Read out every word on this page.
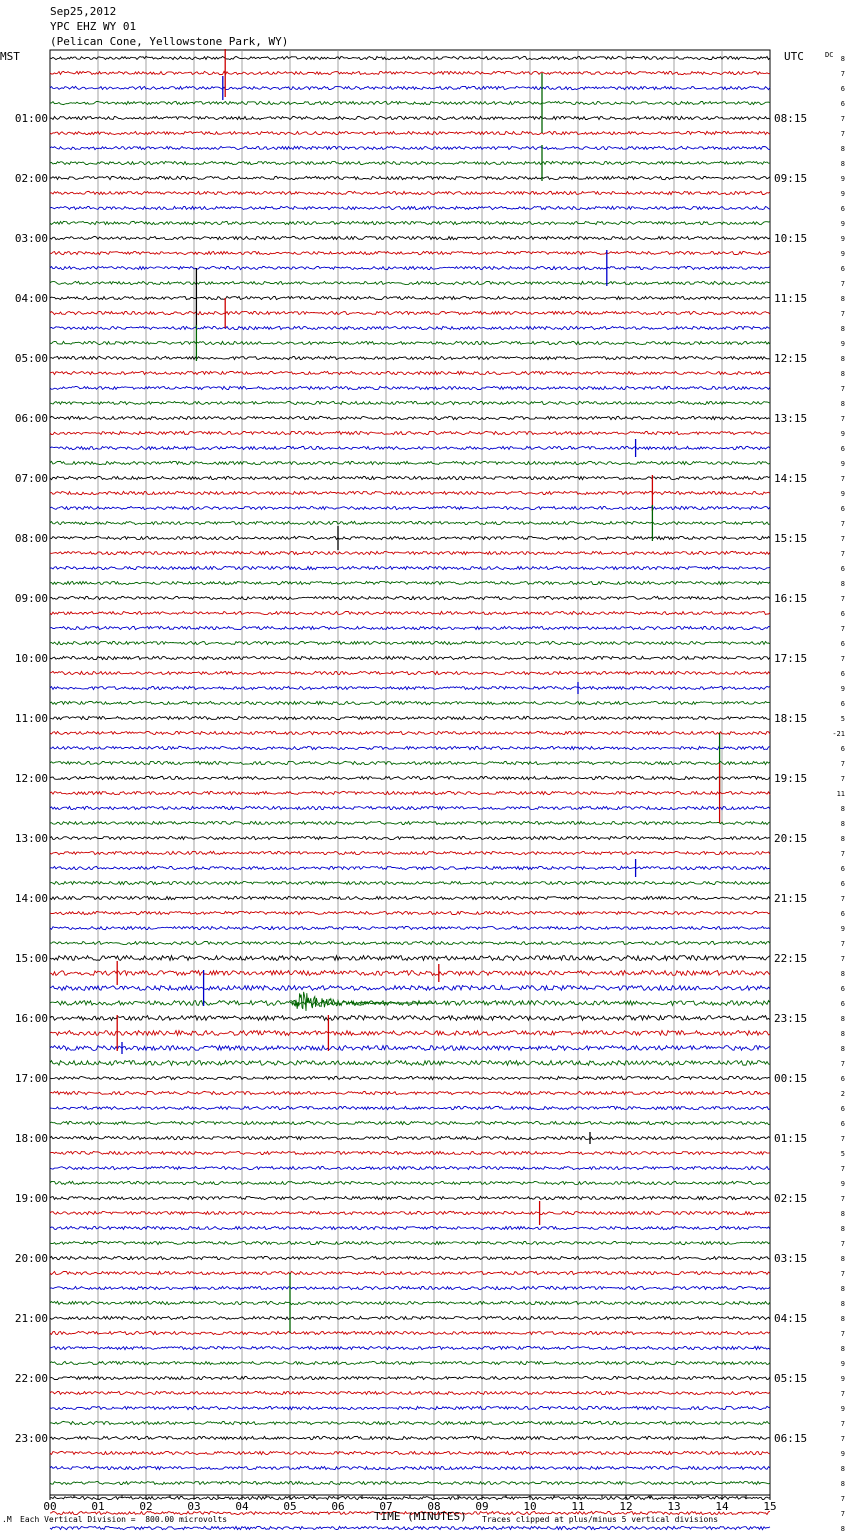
Sep25,2012
YPC EHZ WY 01
(Pelican Cone, Yellowstone Park, WY)
MST	UTC	DC
01:00
02:00
03:00
04:00
05:00
06:00
07:00
08:00
09:00
10:00
11:00
12:00
13:00
14:00
15:00
16:00
17:00
18:00
19:00
20:00
21:00
22:00
23:00
08:15
09:15
10:15
11:15
12:15
13:15
14:15
15:15
16:15
17:15
18:15
19:15
20:15
21:15
22:15
23:15
00:15
01:15
02:15
03:15
04:15
05:15
06:15
8
7
6
6
7
7
8
8
9
9
6
9
9
9
6
7
8
7
8
9
8
8
7
8
7
9
6
9
7
9
6
7
7
7
6
8
7
6
7
6
7
6
9
6
5
-21
6
7
7
11
8
8
8
7
6
6
7
6
9
7
7
8
6
6
8
8
8
7
6
2
6
6
7
5
7
9
7
8
8
7
8
7
8
8
8
7
8
9
9
7
9
7
7
9
8
8
7
7
8
00	01	02	03	04	05	06	07	08	09	10	11	12	13	14	15
TIME (MINUTES)
.M Each Vertical Division =  800.00 microvolts	Traces clipped at plus/minus 5 vertical divisions
